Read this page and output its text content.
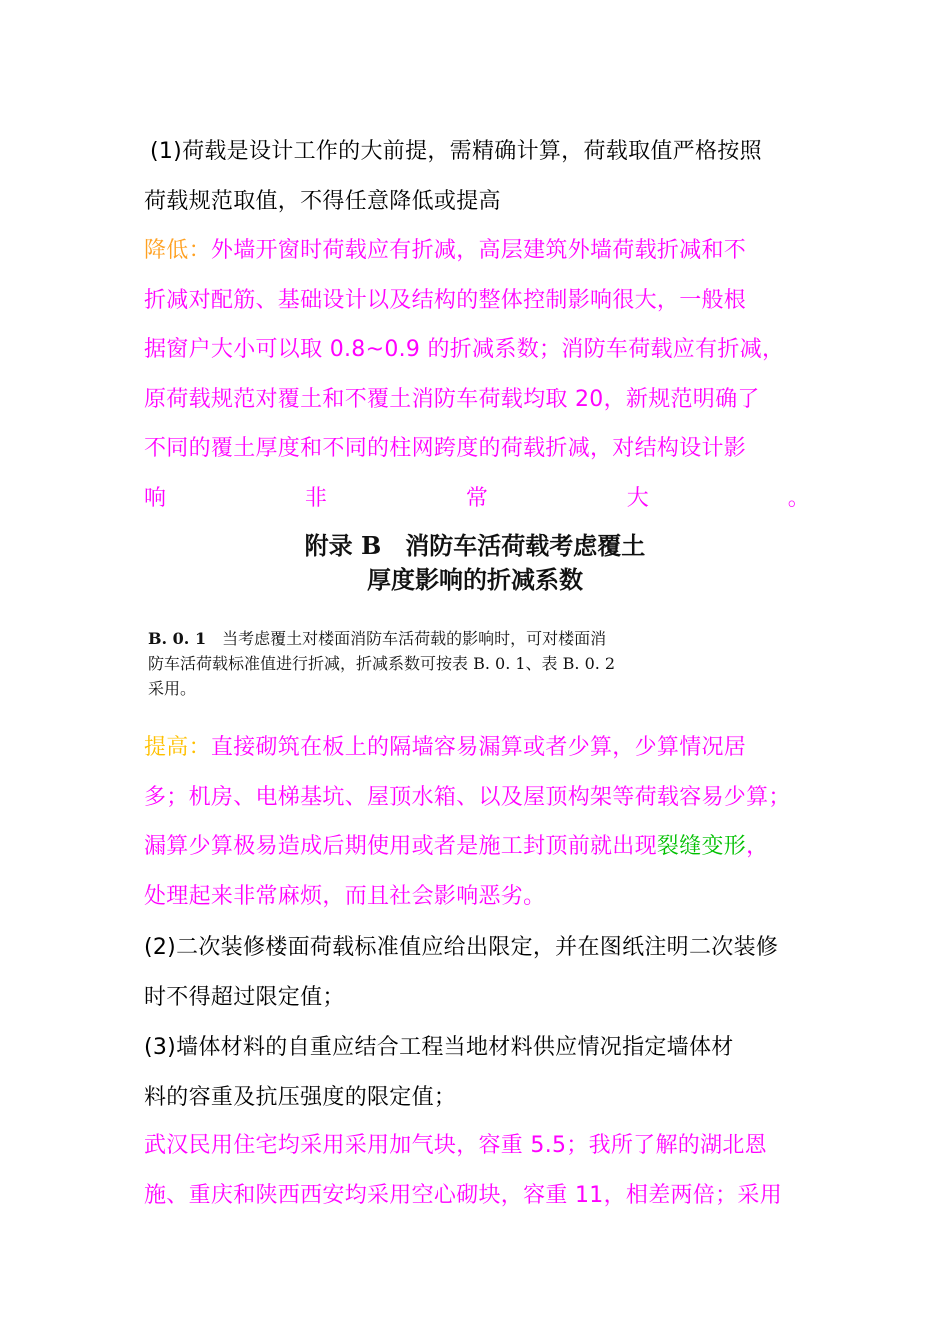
(1)荷载是设计工作的大前提，需精确计算，荷载取值严格按照
荷载规范取值，不得任意降低或提高
降低：外墙开窗时荷载应有折减，高层建筑外墙荷载折减和不
折减对配筋、基础设计以及结构的整体控制影响很大，一般根
据窗户大小可以取 0.8~0.9 的折减系数；消防车荷载应有折减，
原荷载规范对覆土和不覆土消防车荷载均取 20，新规范明确了
不同的覆土厚度和不同的柱网跨度的荷载折减，对结构设计影
响	非	常	大	。
附录 B　消防车活荷载考虑覆土
厚度影响的折减系数
B. 0. 1　 当考虑覆土对楼面消防车活荷载的影响时，可对楼面消
防车活荷载标准值进行折减，折减系数可按表 B. 0. 1、表 B. 0. 2
采用。
提高：直接砌筑在板上的隔墙容易漏算或者少算，少算情况居
多；机房、电梯基坑、屋顶水箱、以及屋顶构架等荷载容易少算；
漏算少算极易造成后期使用或者是施工封顶前就出现裂缝变形，
处理起来非常麻烦，而且社会影响恶劣。
(2)二次装修楼面荷载标准值应给出限定，并在图纸注明二次装修
时不得超过限定值；
(3)墙体材料的自重应结合工程当地材料供应情况指定墙体材
料的容重及抗压强度的限定值；
武汉民用住宅均采用采用加气块，容重 5.5；我所了解的湖北恩
施、重庆和陕西西安均采用空心砌块，容重 11，相差两倍；采用
